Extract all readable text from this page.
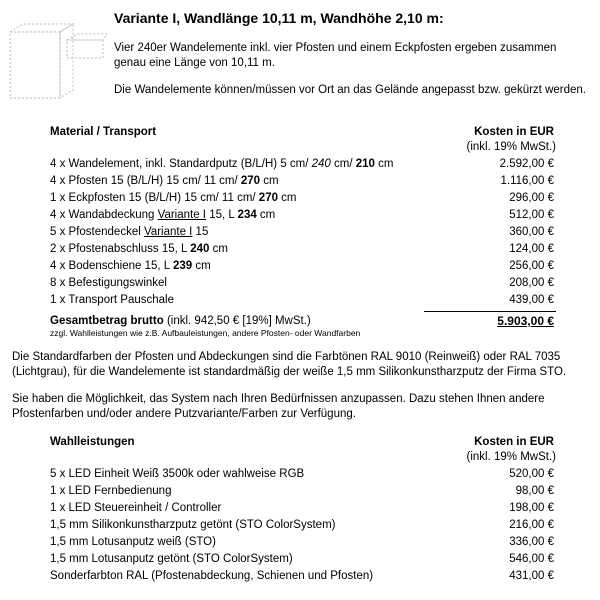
Variante I, Wandlänge 10,11 m, Wandhöhe 2,10 m:
Vier 240er Wandelemente inkl. vier Pfosten und einem Eckpfosten ergeben zusammen
genau eine Länge von 10,11 m.
Die Wandelemente können/müssen vor Ort an das Gelände angepasst bzw. gekürzt werden.
Material / Transport	Kosten in EUR
(inkl. 19% MwSt.)
4 x Wandelement, inkl. Standardputz (B/L/H) 5 cm/ 240 cm/ 210 cm	2.592,00 €
4 x Pfosten 15 (B/L/H) 15 cm/ 11 cm/ 270 cm	1.116,00 €
1 x Eckpfosten 15 (B/L/H) 15 cm/ 11 cm/ 270 cm	296,00 €
4 x Wandabdeckung Variante I 15, L 234 cm	512,00 €
5 x Pfostendeckel Variante I 15	360,00 €
2 x Pfostenabschluss 15, L 240 cm	124,00 €
4 x Bodenschiene 15, L 239 cm	256,00 €
8 x Befestigungswinkel	208,00 €
1 x Transport Pauschale	439,00 €
Gesamtbetrag brutto (inkl. 942,50 € [19%] MwSt.)	5.903,00 €
zzgl. Wahlleistungen wie z.B. Aufbauleistungen, andere Pfosten- oder Wandfarben
Die Standardfarben der Pfosten und Abdeckungen sind die Farbtönen RAL 9010 (Reinweiß) oder RAL 7035
(Lichtgrau), für die Wandelemente ist standardmäßig der weiße 1,5 mm Silikonkunstharzputz der Firma STO.
Sie haben die Möglichkeit, das System nach Ihren Bedürfnissen anzupassen. Dazu stehen Ihnen andere
Pfostenfarben und/oder andere Putzvariante/Farben zur Verfügung.
Wahlleistungen	Kosten in EUR
(inkl. 19% MwSt.)
5 x LED Einheit Weiß 3500k oder wahlweise RGB	520,00 €
1 x LED Fernbedienung	98,00 €
1 x LED Steuereinheit / Controller	198,00 €
1,5 mm Silikonkunstharzputz getönt (STO ColorSystem)	216,00 €
1,5 mm Lotusanputz weiß (STO)	336,00 €
1,5 mm Lotusanputz getönt (STO ColorSystem)	546,00 €
Sonderfarbton RAL (Pfostenabdeckung, Schienen und Pfosten)	431,00 €
